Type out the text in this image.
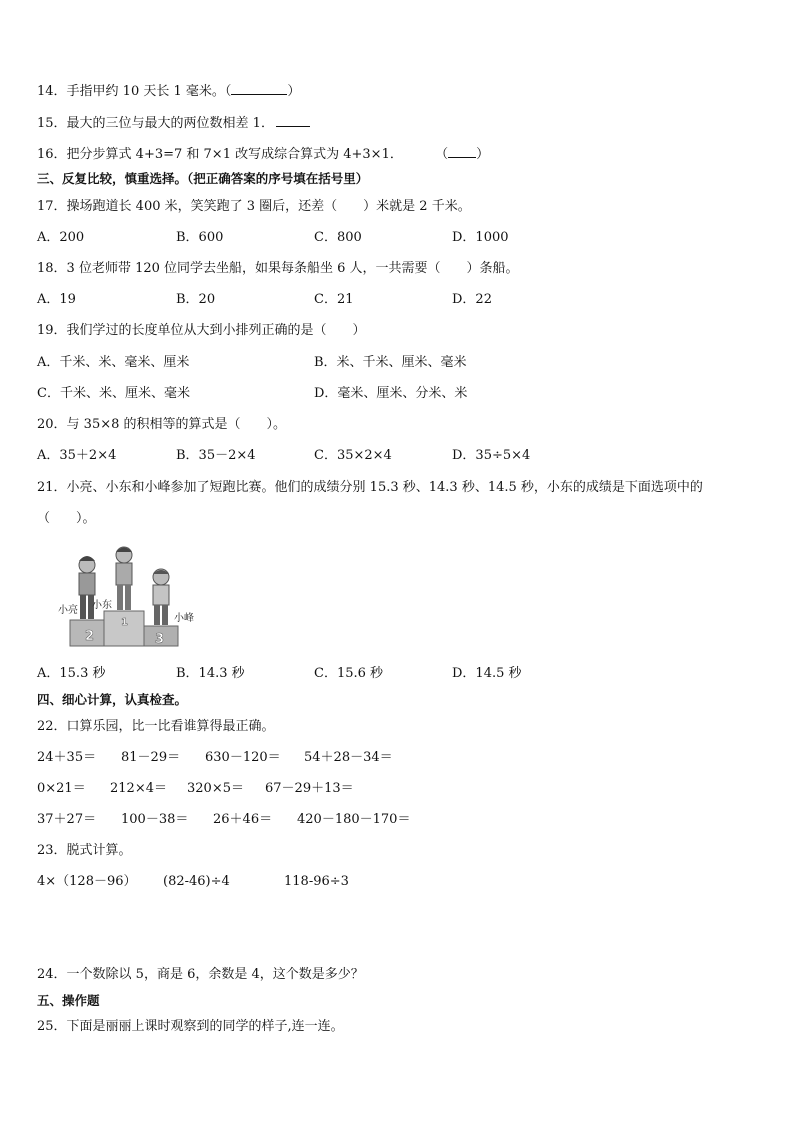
14．手指甲约 10 天长 1 毫米。（	）
15．最大的三位与最大的两位数相差 1．
16．把分步算式 4+3=7 和 7×1 改写成综合算式为 4+3×1． （ ）
三、反复比较，慎重选择。（把正确答案的序号填在括号里）
17．操场跑道长 400 米，笑笑跑了 3 圈后，还差（　　）米就是 2 千米。
A．200	B．600	C．800	D．1000
18．3 位老师带 120 位同学去坐船，如果每条船坐 6 人，一共需要（　　）条船。
A．19	B．20	C．21	D．22
19．我们学过的长度单位从大到小排列正确的是（　　）
A．千米、米、毫米、厘米	B．米、千米、厘米、毫米
C．千米、米、厘米、毫米	D．毫米、厘米、分米、米
20．与 35×8 的积相等的算式是（　　）。
A．35＋2×4	B．35－2×4	C．35×2×4	D．35÷5×4
21．小亮、小东和小峰参加了短跑比赛。他们的成绩分别 15.3 秒、14.3 秒、14.5 秒，小东的成绩是下面选项中的
（　　）。
2
1
3
小亮 小东
小峰
A．15.3 秒	B．14.3 秒	C．15.6 秒	D．14.5 秒
四、细心计算，认真检查。
22．口算乐园，比一比看谁算得最正确。
24＋35＝ 81－29＝ 630－120＝ 54＋28－34＝
0×21＝ 212×4＝ 320×5＝ 67－29＋13＝
37＋27＝ 100－38＝ 26＋46＝ 420－180－170＝
23．脱式计算。
4×（128－96） (82-46)÷4	118-96÷3
24．一个数除以 5，商是 6，余数是 4，这个数是多少？
五、操作题
25．下面是丽丽上课时观察到的同学的样子,连一连。
